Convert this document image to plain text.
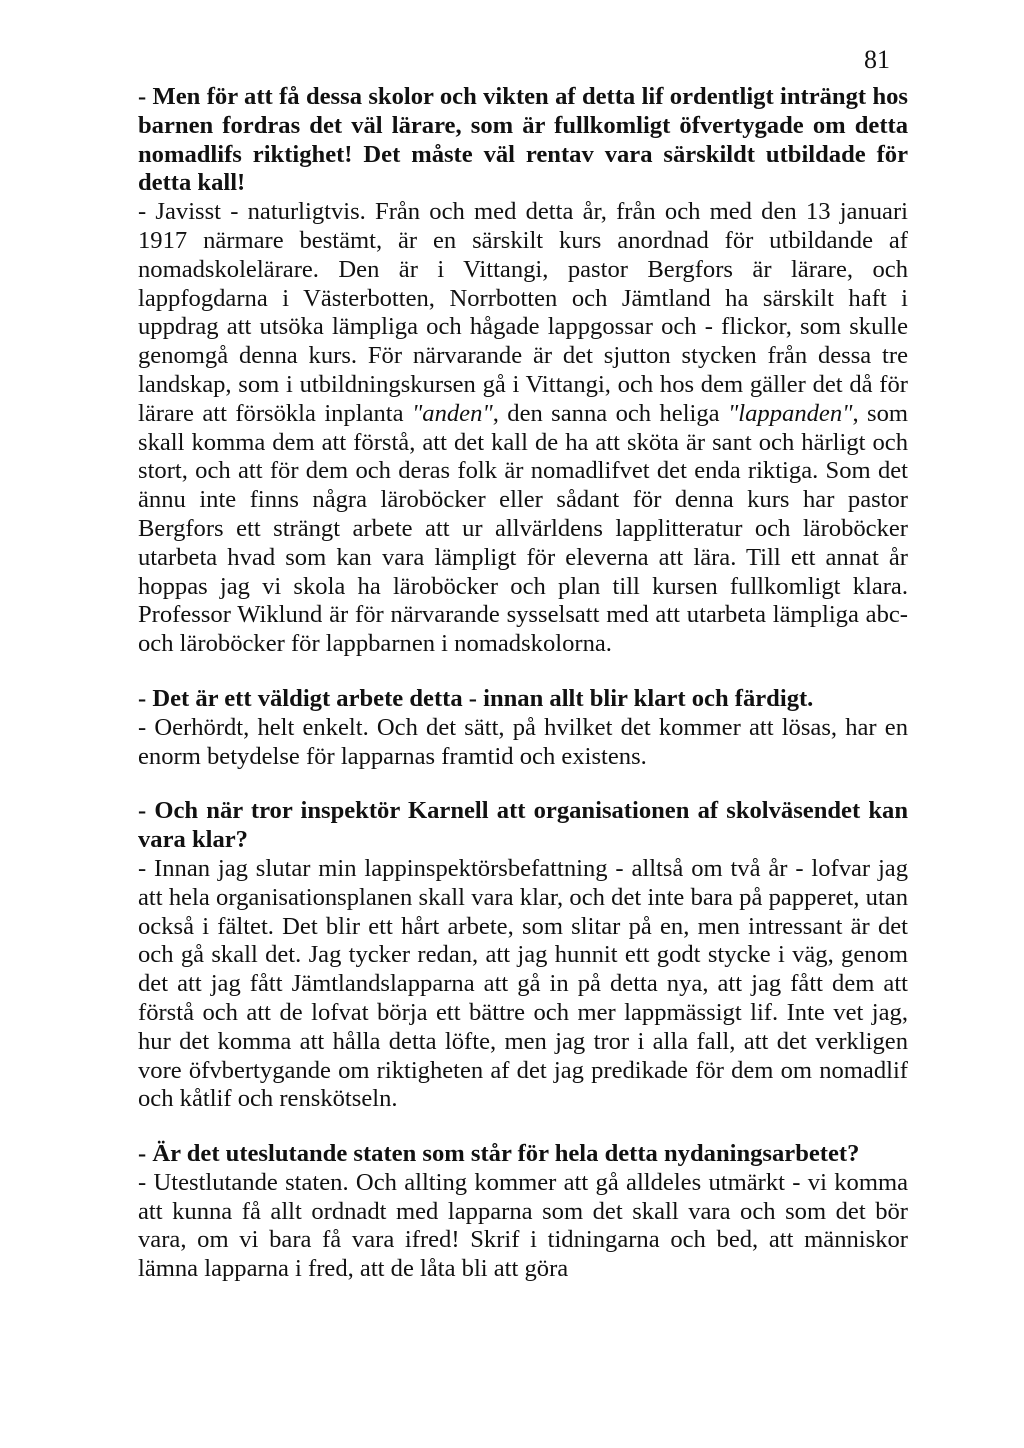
81

- Men för att få dessa skolor och vikten af detta lif ordentligt inträngt hos barnen fordras det väl lärare, som är fullkomligt öfvertygade om detta nomadlifs riktighet! Det måste väl rentav vara särskildt utbildade för detta kall!

- Javisst - naturligtvis. Från och med detta år, från och med den 13 januari 1917 närmare bestämt, är en särskilt kurs anordnad för utbildande af nomadskolelärare. Den är i Vittangi, pastor Bergfors är lärare, och lappfogdarna i Västerbotten, Norrbotten och Jämtland ha särskilt haft i uppdrag att utsöka lämpliga och hågade lappgossar och - flickor, som skulle genomgå denna kurs. För närvarande är det sjutton stycken från dessa tre landskap, som i utbildningskursen gå i Vittangi, och hos dem gäller det då för lärare att försökla inplanta "anden", den sanna och heliga "lappanden", som skall komma dem att förstå, att det kall de ha att sköta är sant och härligt och stort, och att för dem och deras folk är nomadlifvet det enda riktiga. Som det ännu inte finns några läroböcker eller sådant för denna kurs har pastor Bergfors ett strängt arbete att ur allvärldens lapplitteratur och läroböcker utarbeta hvad som kan vara lämpligt för eleverna att lära. Till ett annat år hoppas jag vi skola ha läroböcker och plan till kursen fullkomligt klara. Professor Wiklund är för närvarande sysselsatt med att utarbeta lämpliga abc- och läroböcker för lappbarnen i nomadskolorna.

- Det är ett väldigt arbete detta - innan allt blir klart och färdigt.

- Oerhördt, helt enkelt. Och det sätt, på hvilket det kommer att lösas, har en enorm betydelse för lapparnas framtid och existens.

- Och när tror inspektör Karnell att organisationen af skolväsendet kan vara klar?

- Innan jag slutar min lappinspektörsbefattning - alltså om två år - lofvar jag att hela organisationsplanen skall vara klar, och det inte bara på papperet, utan också i fältet. Det blir ett hårt arbete, som slitar på en, men intressant är det och gå skall det. Jag tycker redan, att jag hunnit ett godt stycke i väg, genom det att jag fått Jämtlandslapparna att gå in på detta nya, att jag fått dem att förstå och att de lofvat börja ett bättre och mer lappmässigt lif. Inte vet jag, hur det komma att hålla detta löfte, men jag tror i alla fall, att det verkligen vore öfvbertygande om riktigheten af det jag predikade för dem om nomadlif och kåtlif och renskötseln.

- Är det uteslutande staten som står för hela detta nydaningsarbetet?

- Utestlutande staten. Och allting kommer att gå alldeles utmärkt - vi komma att kunna få allt ordnadt med lapparna som det skall vara och som det bör vara, om vi bara få vara ifred! Skrif i tidningarna och bed, att människor lämna lapparna i fred, att de låta bli att göra
